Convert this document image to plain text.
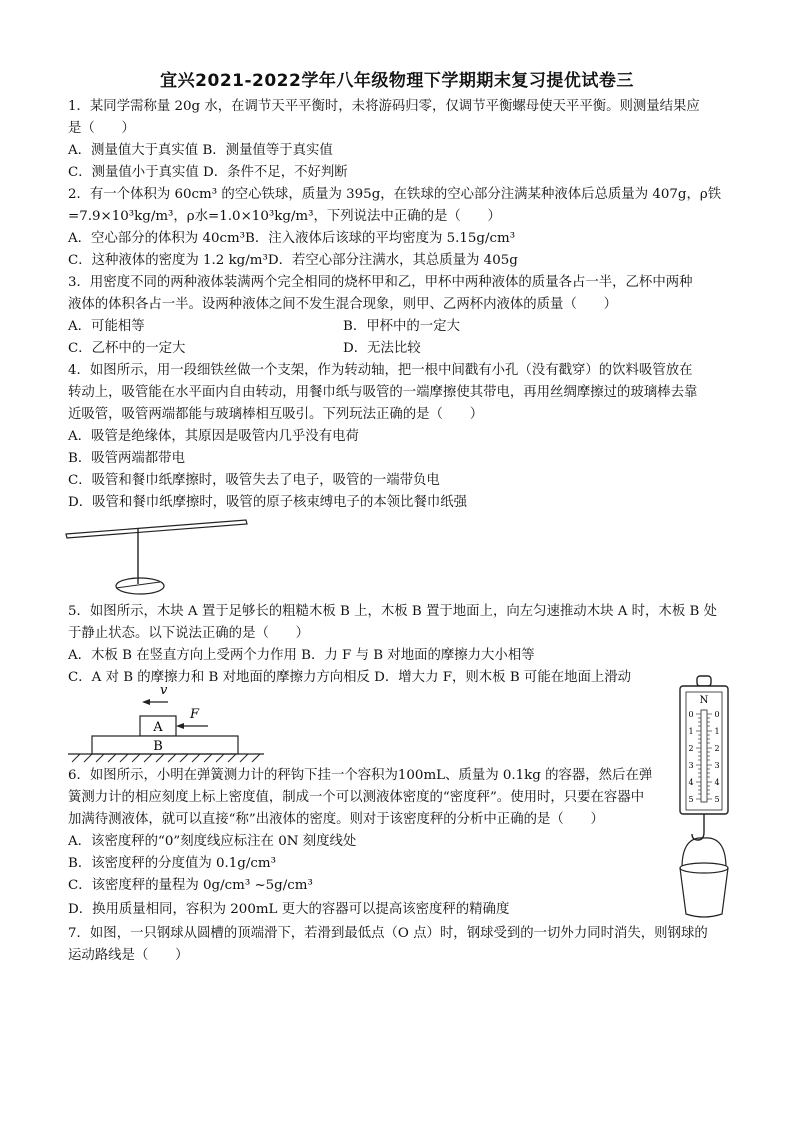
宜兴2021-2022学年八年级物理下学期期末复习提优试卷三
1．某同学需称量 20g 水，在调节天平平衡时，未将游码归零，仅调节平衡螺母使天平平衡。则测量结果应
是（　　）
A．测量值大于真实值 B．测量值等于真实值
C．测量值小于真实值 D．条件不足，不好判断
2．有一个体积为 60cm³ 的空心铁球，质量为 395g，在铁球的空心部分注满某种液体后总质量为 407g，ρ铁
=7.9×10³kg/m³，ρ水=1.0×10³kg/m³，下列说法中正确的是（　　）
A．空心部分的体积为 40cm³B．注入液体后该球的平均密度为 5.15g/cm³
C．这种液体的密度为 1.2 kg/m³D．若空心部分注满水，其总质量为 405g
3．用密度不同的两种液体装满两个完全相同的烧杯甲和乙，甲杯中两种液体的质量各占一半，乙杯中两种
液体的体积各占一半。设两种液体之间不发生混合现象，则甲、乙两杯内液体的质量（　　）
A．可能相等	B．甲杯中的一定大
C．乙杯中的一定大	D．无法比较
4．如图所示，用一段细铁丝做一个支架，作为转动轴，把一根中间戳有小孔（没有戳穿）的饮料吸管放在
转动上，吸管能在水平面内自由转动，用餐巾纸与吸管的一端摩擦使其带电，再用丝绸摩擦过的玻璃棒去靠
近吸管，吸管两端都能与玻璃棒相互吸引。下列玩法正确的是（　　）
A．吸管是绝缘体，其原因是吸管内几乎没有电荷
B．吸管两端都带电
C．吸管和餐巾纸摩擦时，吸管失去了电子，吸管的一端带负电
D．吸管和餐巾纸摩擦时，吸管的原子核束缚电子的本领比餐巾纸强
5．如图所示，木块 A 置于足够长的粗糙木板 B 上，木板 B 置于地面上，向左匀速推动木块 A 时，木板 B 处
于静止状态。以下说法正确的是（　　）
A．木板 B 在竖直方向上受两个力作用 B．力 F 与 B 对地面的摩擦力大小相等
C．A 对 B 的摩擦力和 B 对地面的摩擦力方向相反 D．增大力 F，则木板 B 可能在地面上滑动
v
F
A
B
N
0
1
2
3
4
5
0
1
2
3
4
5
6．如图所示，小明在弹簧测力计的秤钩下挂一个容积为100mL、质量为 0.1kg 的容器，然后在弹
簧测力计的相应刻度上标上密度值，制成一个可以测液体密度的“密度秤”。使用时，只要在容器中
加满待测液体，就可以直接“称”出液体的密度。则对于该密度秤的分析中正确的是（　　）
A．该密度秤的“0”刻度线应标注在 0N 刻度线处
B．该密度秤的分度值为 0.1g/cm³
C．该密度秤的量程为 0g/cm³ ~5g/cm³
D．换用质量相同，容积为 200mL 更大的容器可以提高该密度秤的精确度
7．如图，一只钢球从圆槽的顶端滑下，若滑到最低点（O 点）时，钢球受到的一切外力同时消失，则钢球的
运动路线是（　　）
